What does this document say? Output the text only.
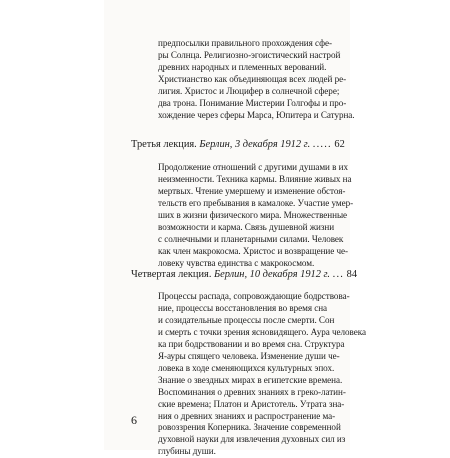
предпосылки правильного прохождения сфе-
ры Солнца. Религиозно-эгоистический настрой
древних народных и племенных верований.
Христианство как объединяющая всех людей ре-
лигия. Христос и Люцифер в солнечной сфере;
два трона. Понимание Мистерии Голгофы и про-
хождение через сферы Марса, Юпитера и Сатурна.
Третья лекция. Берлин, 3 декабря 1912 г. ..... 62
Продолжение отношений с другими душами в их
неизменности. Техника кармы. Влияние живых на
мертвых. Чтение умершему и изменение обстоя-
тельств его пребывания в камалоке. Участие умер-
ших в жизни физического мира. Множественные
возможности и карма. Связь душевной жизни
с солнечными и планетарными силами. Человек
как член макрокосма. Христос и возвращение че-
ловеку чувства единства с макрокосмом.
Четвертая лекция. Берлин, 10 декабря 1912 г. ... 84
Процессы распада, сопровождающие бодрствова-
ние, процессы восстановления во время сна
и созидательные процессы после смерти. Сон
и смерть с точки зрения ясновидящего. Аура человека
ка при бодрствовании и во время сна. Структура
Я-ауры спящего человека. Изменение души че-
ловека в ходе сменяющихся культурных эпох.
Знание о звездных мирах в египетские времена.
Воспоминания о древних знаниях в греко-латин-
ские времена; Платон и Аристотель. Утрата зна-
ния о древних знаниях и распространение ма-
ровоззрения Коперника. Значение современной
духовной науки для извлечения духовных сил из
глубины души.
6
